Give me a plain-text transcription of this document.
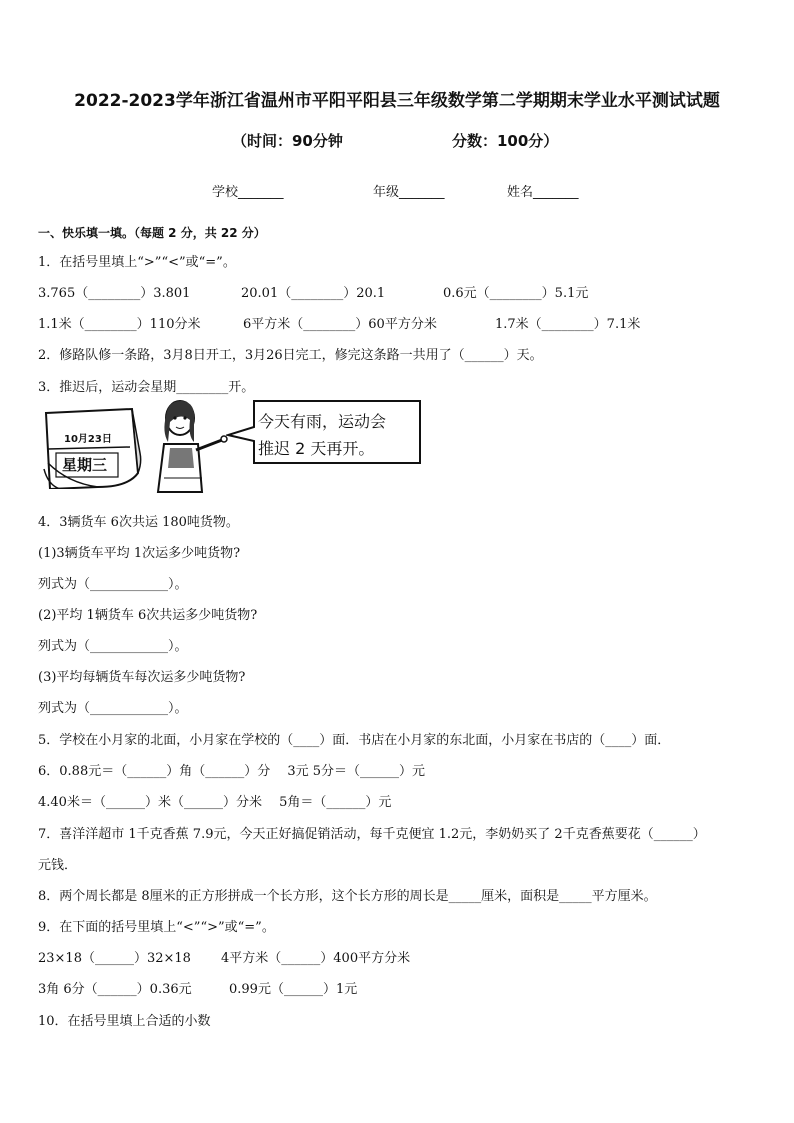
2022-2023学年浙江省温州市平阳平阳县三年级数学第二学期期末学业水平测试试题
（时间：90分钟	分数：100分）
学校_______	年级_______	姓名_______
一、快乐填一填。（每题 2 分，共 22 分）
1．在括号里填上“>”“<”或“=”。
3.765（________）3.801	20.01（________）20.1	0.6元（________）5.1元
1.1米（________）110分米	6平方米（________）60平方分米	1.7米（________）7.1米
2．修路队修一条路，3月8日开工，3月26日完工，修完这条路一共用了（______）天。
3．推迟后，运动会星期________开。
10月23日
星期三
今天有雨，运动会
推迟 2 天再开。
4．3辆货车 6次共运 180吨货物。
(1)3辆货车平均 1次运多少吨货物?
列式为（____________）。
(2)平均 1辆货车 6次共运多少吨货物?
列式为（____________）。
(3)平均每辆货车每次运多少吨货物?
列式为（____________）。
5．学校在小月家的北面，小月家在学校的（____）面．书店在小月家的东北面，小月家在书店的（____）面．
6．0.88元＝（______）角（______）分　 3元 5分＝（______）元
4.40米＝（______）米（______）分米　 5角＝（______）元
7．喜洋洋超市 1千克香蕉 7.9元，今天正好搞促销活动，每千克便宜 1.2元，李奶奶买了 2千克香蕉要花（______）
元钱．
8．两个周长都是 8厘米的正方形拼成一个长方形，这个长方形的周长是_____厘米，面积是_____平方厘米。
9．在下面的括号里填上“<”“>”或“=”。
23×18（______）32×18 4平方米（______）400平方分米
3角 6分（______）0.36元	0.99元（______）1元
10．在括号里填上合适的小数
